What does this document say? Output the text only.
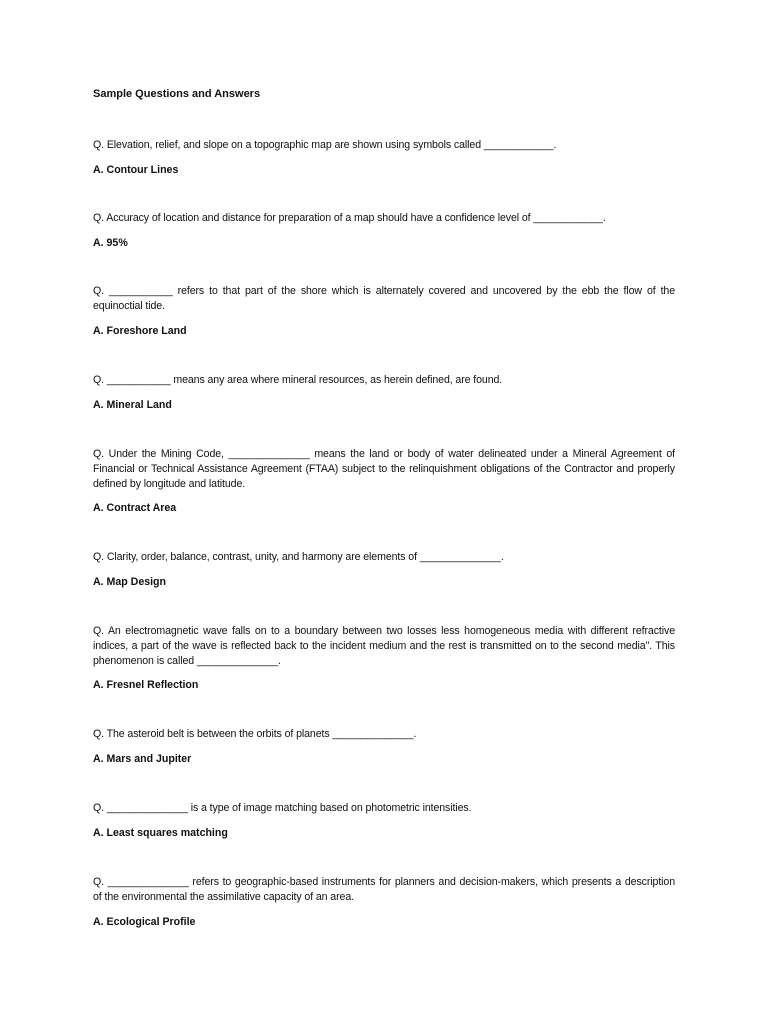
Sample Questions and Answers

Q. Elevation, relief, and slope on a topographic map are shown using symbols called ____________.

A. Contour Lines

Q. Accuracy of location and distance for preparation of a map should have a confidence level of ____________.

A. 95%

Q. ___________ refers to that part of the shore which is alternately covered and uncovered by the ebb the flow of the equinoctial tide.

A. Foreshore Land

Q. ___________ means any area where mineral resources, as herein defined, are found.

A. Mineral Land

Q. Under the Mining Code, ______________ means the land or body of water delineated under a Mineral Agreement of Financial or Technical Assistance Agreement (FTAA) subject to the relinquishment obligations of the Contractor and properly defined by longitude and latitude.

A. Contract Area

Q. Clarity, order, balance, contrast, unity, and harmony are elements of ______________.

A. Map Design

Q. An electromagnetic wave falls on to a boundary between two losses less homogeneous media with different refractive indices, a part of the wave is reflected back to the incident medium and the rest is transmitted on to the second media". This phenomenon is called ______________.

A. Fresnel Reflection

Q. The asteroid belt is between the orbits of planets ______________.

A. Mars and Jupiter

Q. ______________ is a type of image matching based on photometric intensities.

A. Least squares matching

Q. ______________ refers to geographic-based instruments for planners and decision-makers, which presents a description of the environmental the assimilative capacity of an area.

A. Ecological Profile
